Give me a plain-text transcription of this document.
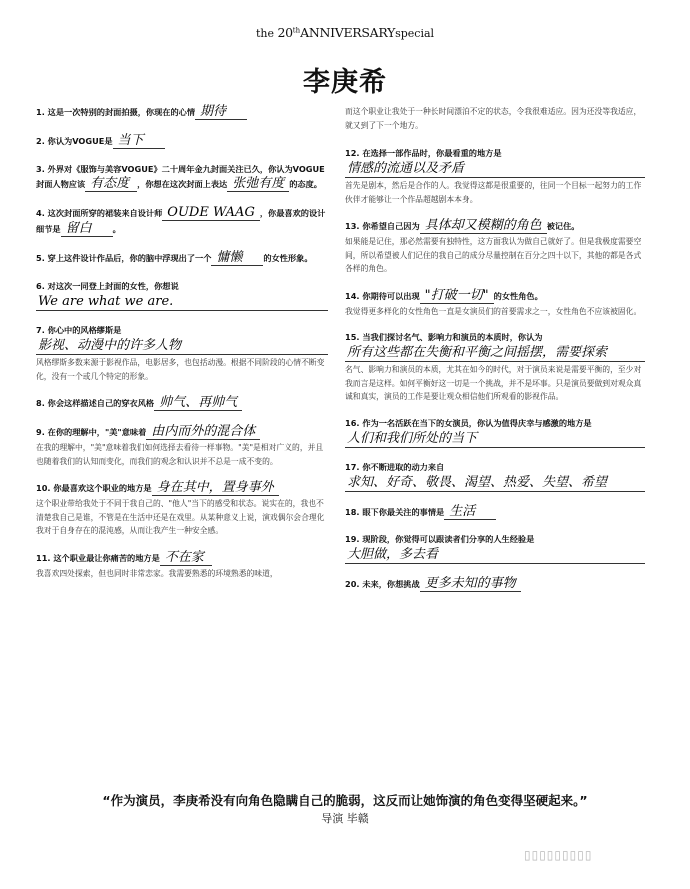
the 20thANNIVERSARYspecial
李庚希
1. 这是一次特别的封面拍摄，你现在的心情 期待
2. 你认为VOGUE是 当下
3. 外界对《服饰与美容VOGUE》二十周年金九封面关注已久，你认为VOGUE封面人物应该 有态度 ，你想在这次封面上表达 张弛有度 的态度。
4. 这次封面所穿的裙装来自设计师 OUDE WAAG ，你最喜欢的设计细节是 留白	。
5. 穿上这件设计作品后，你的脑中浮现出了一个 慵懒	的女性形象。
6. 对这次一同登上封面的女性，你想说
We are what we are.
7. 你心中的风格缪斯是
影视、动漫中的许多人物
风格缪斯多数来源于影视作品，电影居多，也包括动漫。根据不同阶段的心情不断变化，没有一个或几个特定的形象。
8. 你会这样描述自己的穿衣风格 帅气、再帅气
9. 在你的理解中，"美"意味着 由内而外的混合体
在我的理解中，"美"意味着我们如何选择去看待一样事物。"美"是相对广义的，并且也随着我们的认知而变化，而我们的观念和认识并不总是一成不变的。
10. 你最喜欢这个职业的地方是 身在其中，置身事外
这个职业带给我处于不同于我自己的、"他人"当下的感受和状态。说实在的，我也不清楚我自己是谁，不管是在生活中还是在戏里。从某种意义上说，演戏偶尔会合理化我对于自身存在的混沌感，从而让我产生一种安全感。
11. 这个职业最让你痛苦的地方是 不在家
我喜欢四处探索，但也同时非常恋家。我需要熟悉的环境熟悉的味道，
而这个职业让我处于一种长时间漂泊不定的状态，令我很难适应。因为还没等我适应，就又到了下一个地方。
12. 在选择一部作品时，你最看重的地方是
情感的流通以及矛盾
首先是剧本，然后是合作的人。我觉得这都是很重要的，往同一个目标一起努力的工作伙伴才能够让一个作品超越剧本本身。
13. 你希望自己因为 具体却又模糊的角色 被记住。
如果能是记住，那必然需要有独特性，这方面我认为做自己就好了。但是我极度需要空间，所以希望被人们记住的我自己的成分尽量控制在百分之四十以下，其他的都是各式各样的角色。
14. 你期待可以出现 "打破一切" 的女性角色。
我觉得更多样化的女性角色一直是女演员们的首要需求之一，女性角色不应该被固化。
15. 当我们探讨名气、影响力和演员的本质时，你认为
所有这些都在失衡和平衡之间摇摆，需要探索
名气、影响力和演员的本质，尤其在如今的时代，对于演员来说是需要平衡的，至少对我而言是这样。如何平衡好这一切是一个挑战，并不是坏事。只是演员要做到对观众真诚和真实，演员的工作是要让观众相信他们所观看的影视作品。
16. 作为一名活跃在当下的女演员，你认为值得庆幸与感激的地方是
人们和我们所处的当下
17. 你不断进取的动力来自
求知、好奇、敬畏、渴望、热爱、失望、希望
18. 眼下你最关注的事情是 生活
19. 现阶段，你觉得可以跟读者们分享的人生经验是
大胆做，多去看
20. 未来，你想挑战 更多未知的事物
“作为演员，李庚希没有向角色隐瞒自己的脆弱，这反而让她饰演的角色变得坚硬起来。”
导演 毕赣
▯▯▯▯▯▯▯▯▯
